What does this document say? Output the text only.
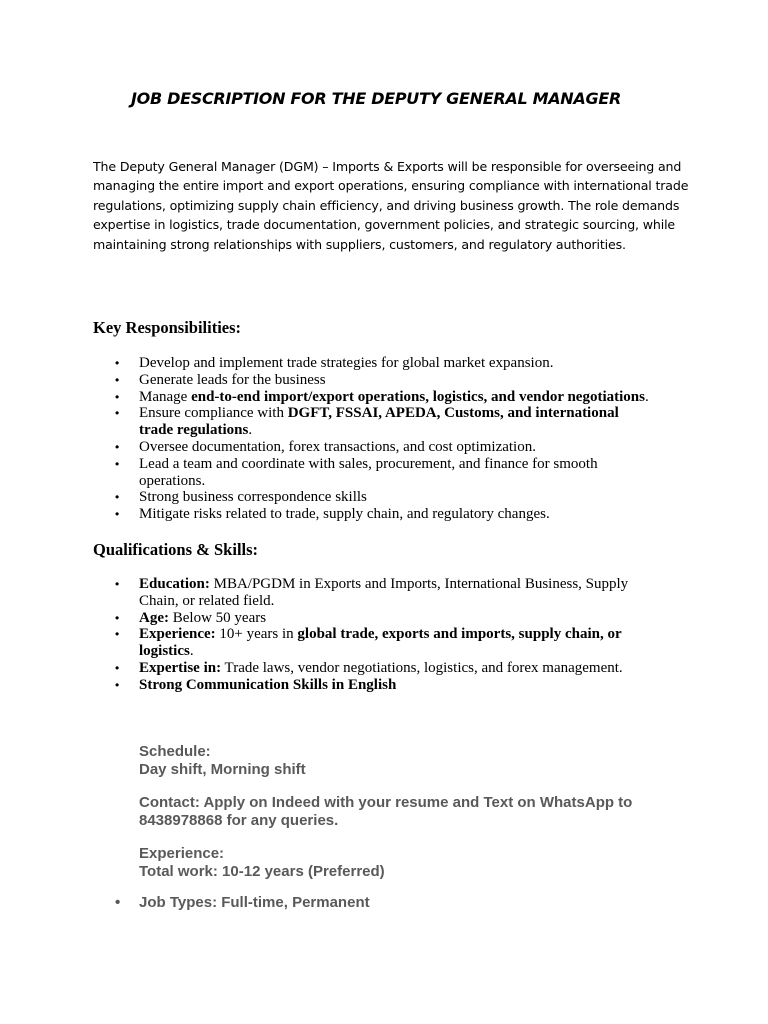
JOB DESCRIPTION FOR THE DEPUTY GENERAL MANAGER

The Deputy General Manager (DGM) – Imports & Exports will be responsible for overseeing and managing the entire import and export operations, ensuring compliance with international trade regulations, optimizing supply chain efficiency, and driving business growth. The role demands expertise in logistics, trade documentation, government policies, and strategic sourcing, while maintaining strong relationships with suppliers, customers, and regulatory authorities.

Key Responsibilities:
• Develop and implement trade strategies for global market expansion.
• Generate leads for the business
• Manage end-to-end import/export operations, logistics, and vendor negotiations.
• Ensure compliance with DGFT, FSSAI, APEDA, Customs, and international trade regulations.
• Oversee documentation, forex transactions, and cost optimization.
• Lead a team and coordinate with sales, procurement, and finance for smooth operations.
• Strong business correspondence skills
• Mitigate risks related to trade, supply chain, and regulatory changes.
Qualifications & Skills:
• Education: MBA/PGDM in Exports and Imports, International Business, Supply Chain, or related field.
• Age: Below 50 years
• Experience: 10+ years in global trade, exports and imports, supply chain, or logistics.
• Expertise in: Trade laws, vendor negotiations, logistics, and forex management.
• Strong Communication Skills in English
Schedule:
Day shift, Morning shift
Contact: Apply on Indeed with your resume and Text on WhatsApp to 8438978868 for any queries.
Experience:
Total work: 10-12 years (Preferred)
• Job Types: Full-time, Permanent
